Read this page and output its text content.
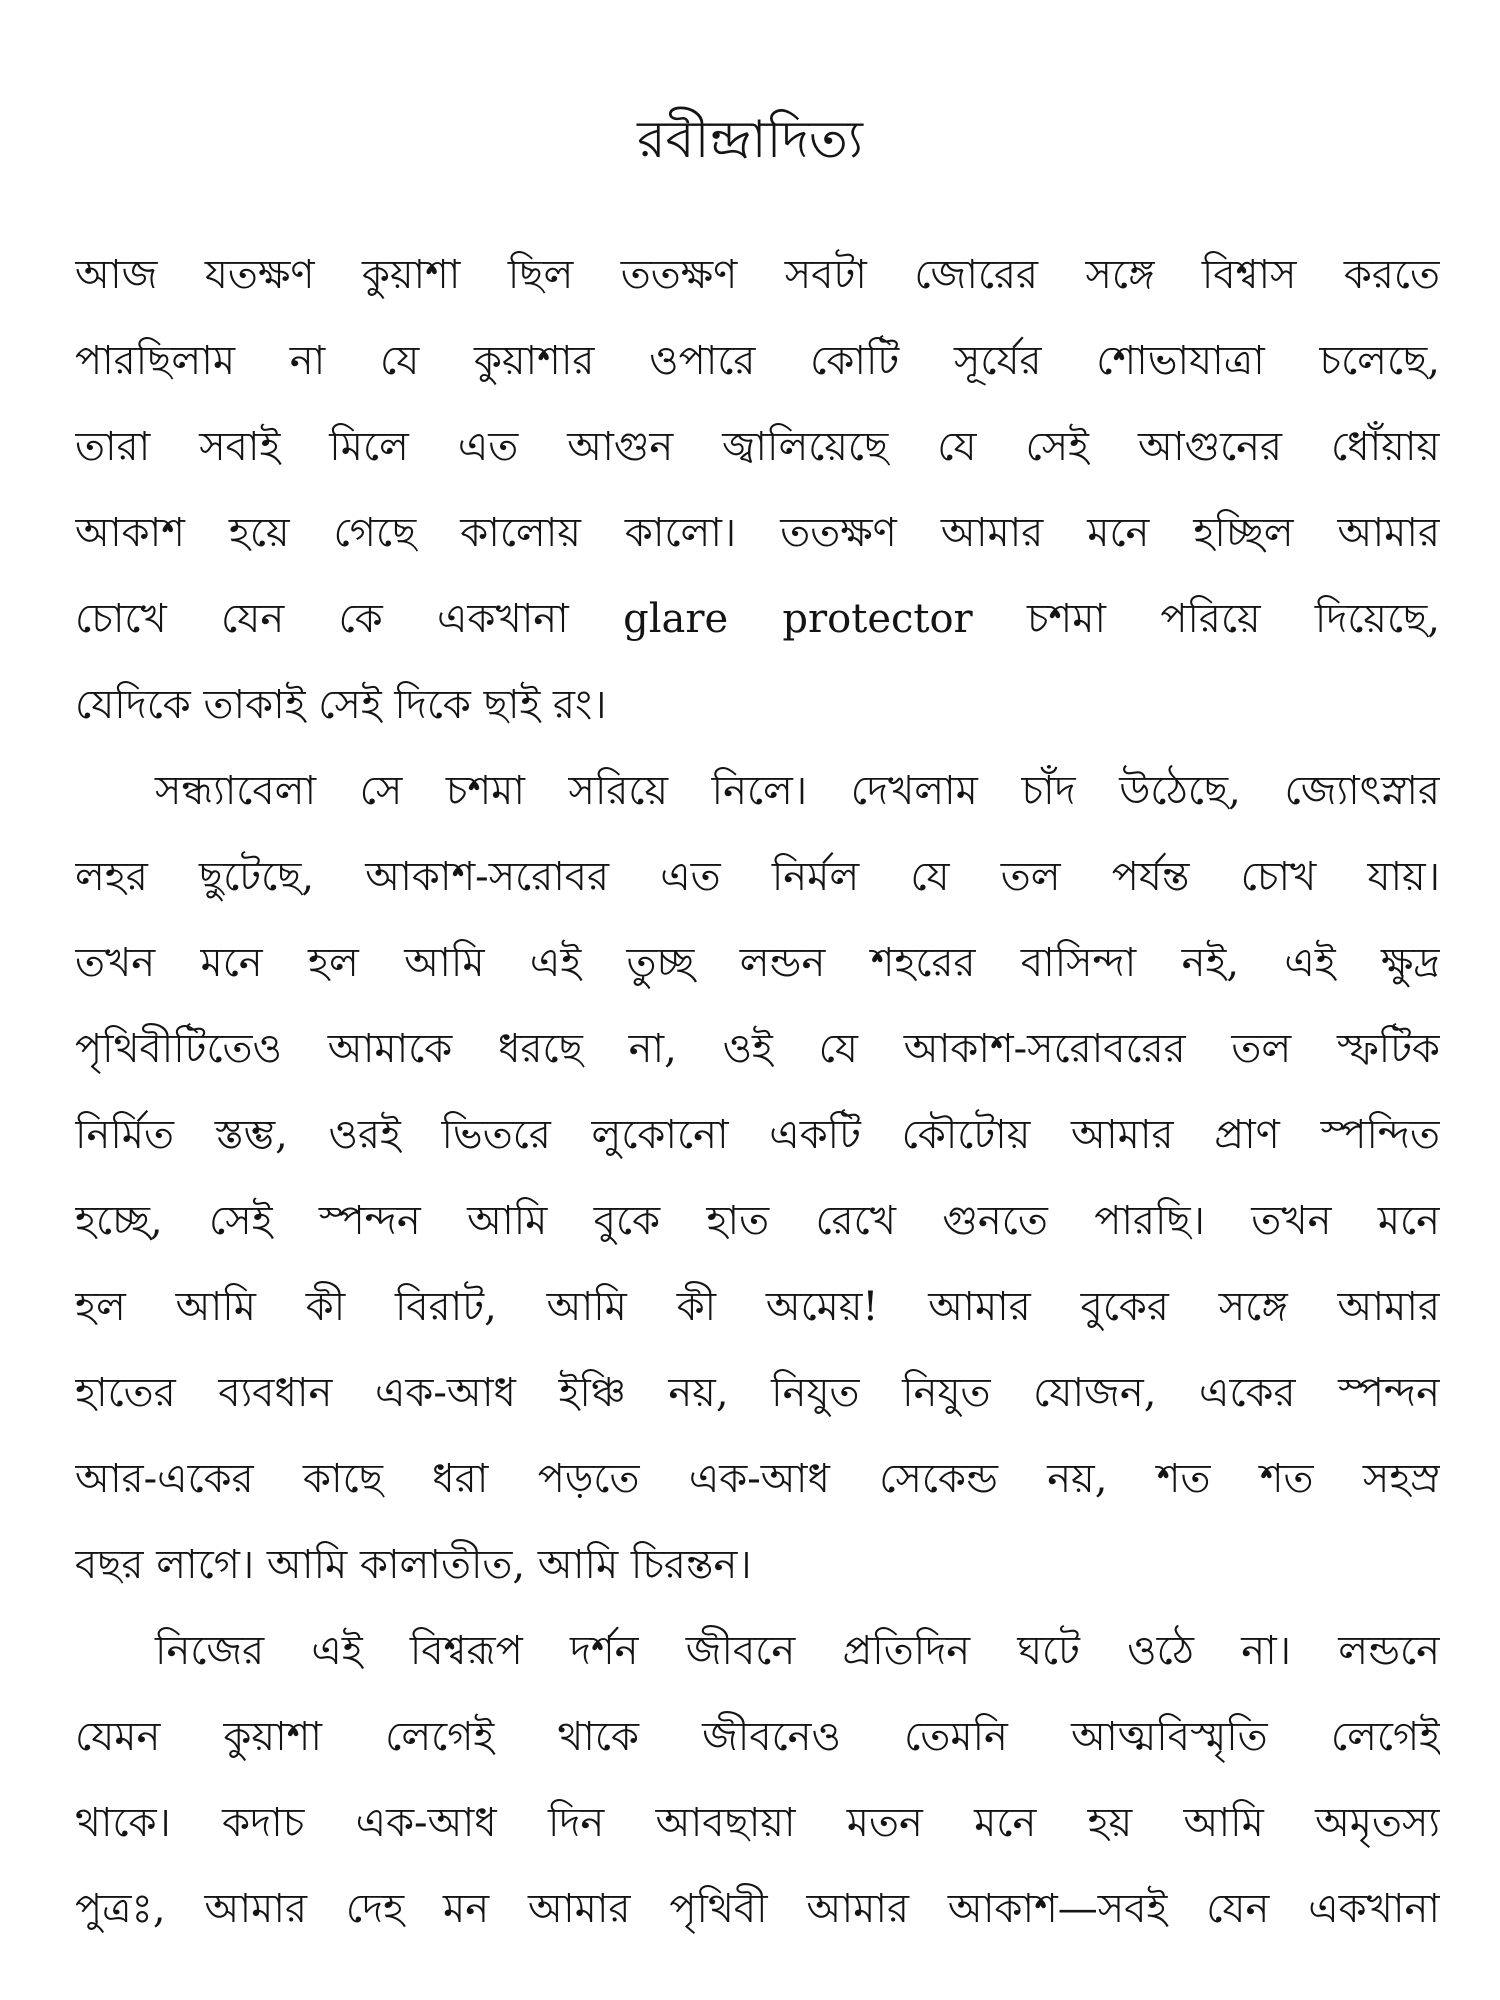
রবীন্দ্রাদিত্য
আজ যতক্ষণ কুয়াশা ছিল ততক্ষণ সবটা জোরের সঙ্গে বিশ্বাস করতে
পারছিলাম না যে কুয়াশার ওপারে কোটি সূর্যের শোভাযাত্রা চলেছে,
তারা সবাই মিলে এত আগুন জ্বালিয়েছে যে সেই আগুনের ধোঁয়ায়
আকাশ হয়ে গেছে কালোয় কালো। ততক্ষণ আমার মনে হচ্ছিল আমার
চোখে যেন কে একখানা glare protector চশমা পরিয়ে দিয়েছে,
যেদিকে তাকাই সেই দিকে ছাই রং।
সন্ধ্যাবেলা সে চশমা সরিয়ে নিলে। দেখলাম চাঁদ উঠেছে, জ্যোৎস্নার
লহর ছুটেছে, আকাশ-সরোবর এত নির্মল যে তল পর্যন্ত চোখ যায়।
তখন মনে হল আমি এই তুচ্ছ লন্ডন শহরের বাসিন্দা নই, এই ক্ষুদ্র
পৃথিবীটিতেও আমাকে ধরছে না, ওই যে আকাশ-সরোবরের তল স্ফটিক
নির্মিত স্তম্ভ, ওরই ভিতরে লুকোনো একটি কৌটোয় আমার প্রাণ স্পন্দিত
হচ্ছে, সেই স্পন্দন আমি বুকে হাত রেখে গুনতে পারছি। তখন মনে
হল আমি কী বিরাট, আমি কী অমেয়! আমার বুকের সঙ্গে আমার
হাতের ব্যবধান এক-আধ ইঞ্চি নয়, নিযুত নিযুত যোজন, একের স্পন্দন
আর-একের কাছে ধরা পড়তে এক-আধ সেকেন্ড নয়, শত শত সহস্র
বছর লাগে। আমি কালাতীত, আমি চিরন্তন।
নিজের এই বিশ্বরূপ দর্শন জীবনে প্রতিদিন ঘটে ওঠে না। লন্ডনে
যেমন কুয়াশা লেগেই থাকে জীবনেও তেমনি আত্মবিস্মৃতি লেগেই
থাকে। কদাচ এক-আধ দিন আবছায়া মতন মনে হয় আমি অমৃতস্য
পুত্রঃ, আমার দেহ মন আমার পৃথিবী আমার আকাশ—সবই যেন একখানা
